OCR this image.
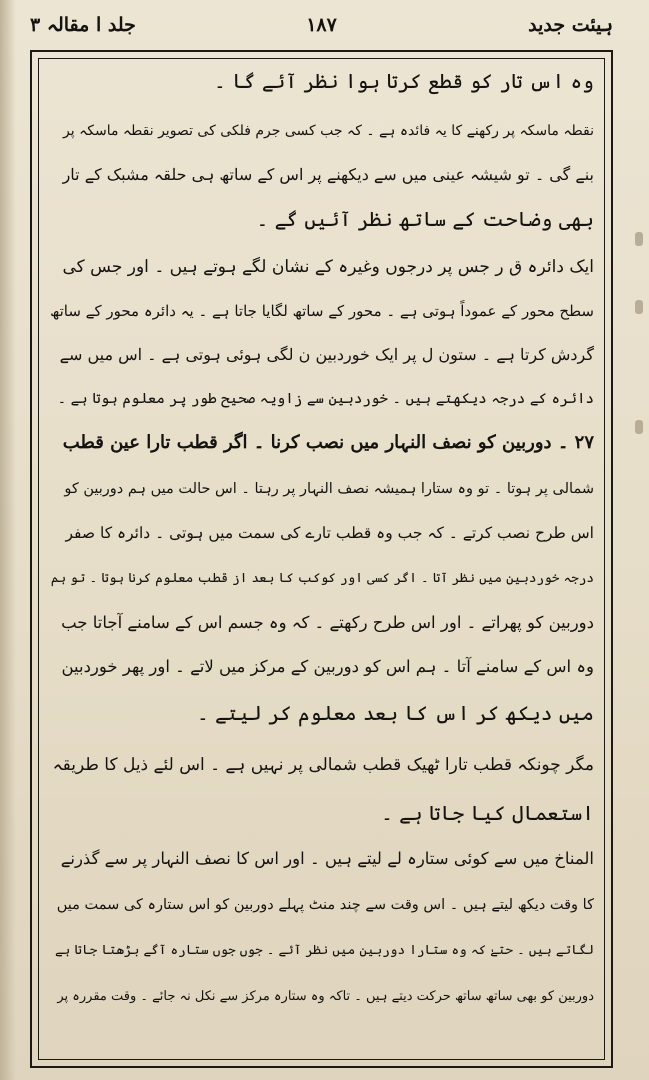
ہیئت جدید
۱۸۷
جلد ا مقالہ ۳
وہ اس تار کو قطع کرتا ہوا نظر آئے گا ۔
نقطہ ماسکہ پر رکھنے کا یہ فائدہ ہے ۔ کہ جب کسی جرم فلکی کی تصویر نقطہ ماسکہ پر
بنے گی ۔ تو شیشہ عینی میں سے دیکھنے پر اس کے ساتھ ہی حلقہ مشبک کے تار
بھی وضاحت کے ساتھ نظر آئیں گے ۔
ایک دائرہ ق ر جس پر درجوں وغیرہ کے نشان لگے ہوتے ہیں ۔ اور جس کی
سطح محور کے عموداً ہوتی ہے ۔ محور کے ساتھ لگایا جاتا ہے ۔ یہ دائرہ محور کے ساتھ
گردش کرتا ہے ۔ ستون ل پر ایک خوردبین ن لگی ہوئی ہوتی ہے ۔ اس میں سے
دائرہ کے درجہ دیکھتے ہیں ۔ خوردبین سے زاویہ صحیح طور پر معلوم ہوتا ہے ۔
۲۷ ۔ دوربین کو نصف النہار میں نصب کرنا ۔ اگر قطب تارا عین قطب
شمالی پر ہوتا ۔ تو وہ ستارا ہمیشہ نصف النہار پر رہتا ۔ اس حالت میں ہم دوربین کو
اس طرح نصب کرتے ۔ کہ جب وہ قطب تارے کی سمت میں ہوتی ۔ دائرہ کا صفر
درجہ خوردبین میں نظر آتا ۔ اگر کسی اور کوکب کا بعد از قطب معلوم کرنا ہوتا ۔ تو ہم
دوربین کو پھراتے ۔ اور اس طرح رکھتے ۔ کہ وہ جسم اس کے سامنے آجاتا جب
وہ اس کے سامنے آتا ۔ ہم اس کو دوربین کے مرکز میں لاتے ۔ اور پھر خوردبین
میں دیکھ کر اس کا بعد معلوم کر لیتے ۔
مگر چونکہ قطب تارا ٹھیک قطب شمالی پر نہیں ہے ۔ اس لئے ذیل کا طریقہ
استعمال کیا جاتا ہے ۔
المناخ میں سے کوئی ستارہ لے لیتے ہیں ۔ اور اس کا نصف النہار پر سے گذرنے
کا وقت دیکھ لیتے ہیں ۔ اس وقت سے چند منٹ پہلے دوربین کو اس ستارہ کی سمت میں
لگاتے ہیں ۔ حتےٰ کہ وہ ستارا دوربین میں نظر آئے ۔ جوں جوں ستارہ آگے بڑھتا جاتا ہے
دوربین کو بھی ساتھ ساتھ حرکت دیتے ہیں ۔ تاکہ وہ ستارہ مرکز سے نکل نہ جائے ۔ وقت مقررہ پر
